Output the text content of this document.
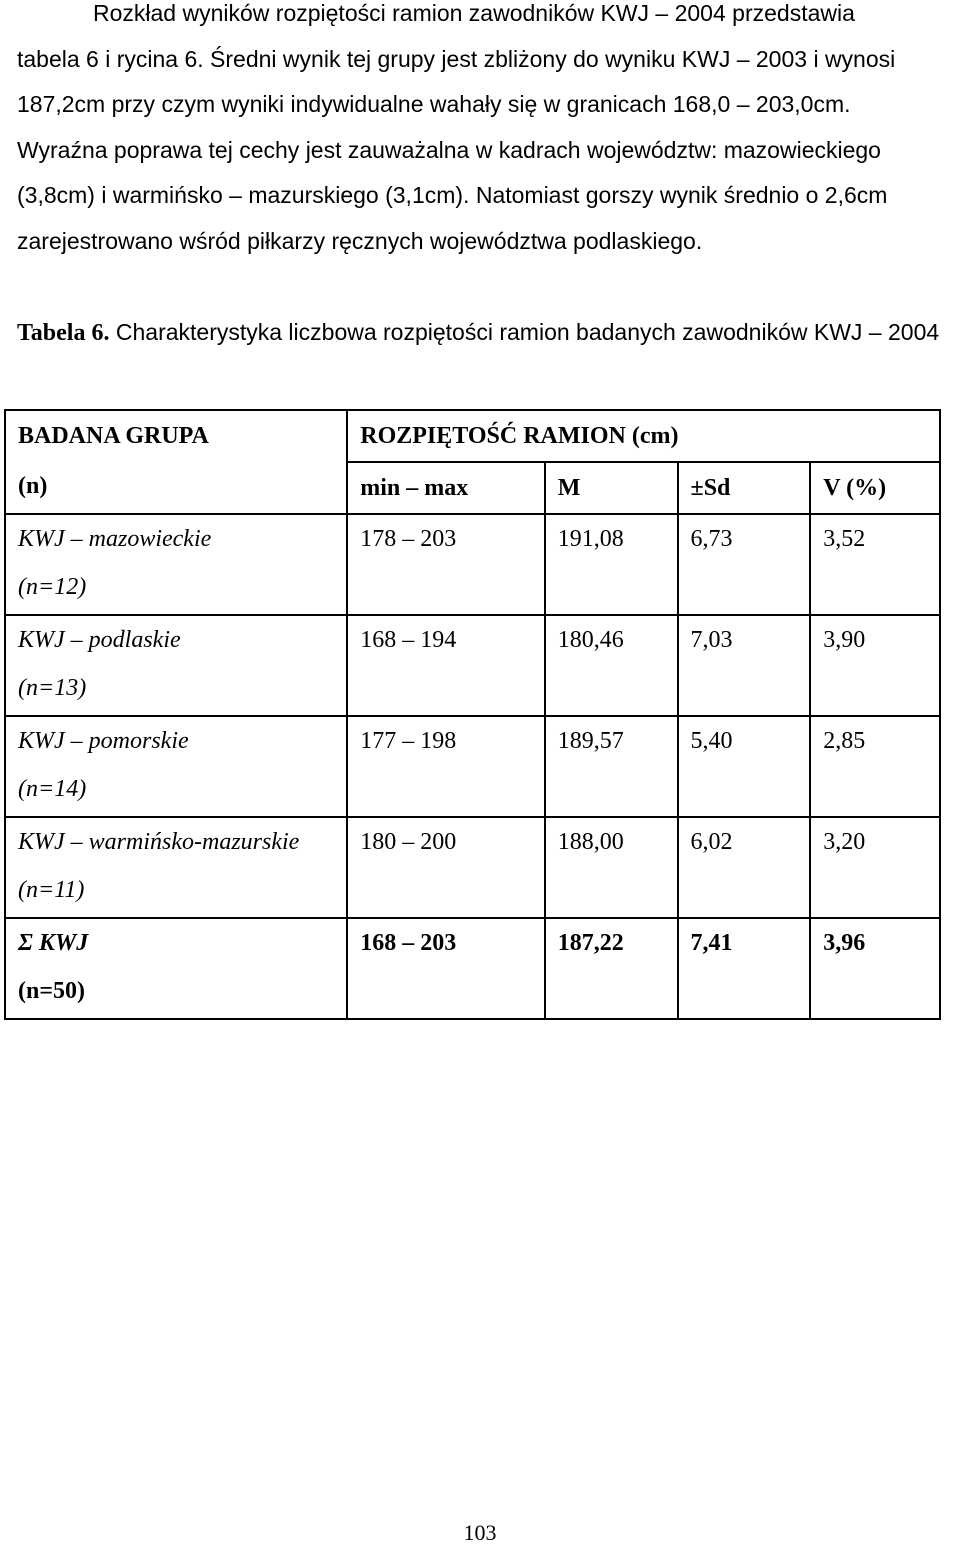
Rozkład wyników rozpiętości ramion zawodników KWJ – 2004 przedstawia
tabela 6 i rycina 6. Średni wynik tej grupy jest zbliżony do wyniku KWJ – 2003 i wynosi
187,2cm przy czym wyniki indywidualne wahały się w granicach 168,0 – 203,0cm.
Wyraźna poprawa tej cechy jest zauważalna w kadrach województw: mazowieckiego
(3,8cm) i warmińsko – mazurskiego (3,1cm). Natomiast gorszy wynik średnio o 2,6cm
zarejestrowano wśród piłkarzy ręcznych województwa podlaskiego.
Tabela 6. Charakterystyka liczbowa rozpiętości ramion badanych zawodników KWJ – 2004
BADANA GRUPA
(n)	ROZPIĘTOŚĆ RAMION (cm)			
	min – max	M	±Sd	V (%)

KWJ – mazowieckie
(n=12)	178 – 203	191,08	6,73	3,52

KWJ – podlaskie
(n=13)	168 – 194	180,46	7,03	3,90

KWJ – pomorskie
(n=14)	177 – 198	189,57	5,40	2,85

KWJ – warmińsko-mazurskie
(n=11)	180 – 200	188,00	6,02	3,20

Σ KWJ
(n=50)	168 – 203	187,22	7,41	3,96
103
